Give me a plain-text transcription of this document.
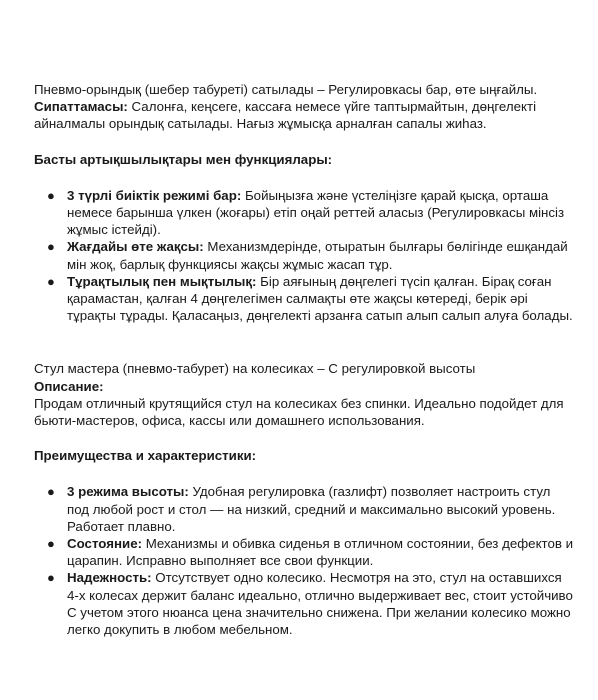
Пневмо-орындық (шебер табуреті) сатылады – Регулировкасы бар, өте ыңғайлы.

Сипаттамасы: Салонға, кеңсеге, кассаға немесе үйге таптырмайтын, дөңгелекті айналмалы орындық сатылады. Нағыз жұмысқа арналған сапалы жиһаз.

Басты артықшылықтары мен функциялары:

● 3 түрлі биіктік режимі бар: Бойыңызға және үстеліңізге қарай қысқа, орташа немесе барынша үлкен (жоғары) етіп оңай реттей аласыз (Регулировкасы мінсіз жұмыс істейді).
● Жағдайы өте жақсы: Механизмдерінде, отыратын былғары бөлігінде ешқандай мін жоқ, барлық функциясы жақсы жұмыс жасап тұр.
● Тұрақтылық пен мықтылық: Бір аяғының дөңгелегі түсіп қалған. Бірақ соған қарамастан, қалған 4 дөңгелегімен салмақты өте жақсы көтереді, берік әрі тұрақты тұрады. Қаласаңыз, дөңгелекті арзанға сатып алып салып алуға болады.

Стул мастера (пневмо-табурет) на колесиках – С регулировкой высоты

Описание:

Продам отличный крутящийся стул на колесиках без спинки. Идеально подойдет для бьюти-мастеров, офиса, кассы или домашнего использования.

Преимущества и характеристики:

● 3 режима высоты: Удобная регулировка (газлифт) позволяет настроить стул под любой рост и стол — на низкий, средний и максимально высокий уровень. Работает плавно.
● Состояние: Механизмы и обивка сиденья в отличном состоянии, без дефектов и царапин. Исправно выполняет все свои функции.
● Надежность: Отсутствует одно колесико. Несмотря на это, стул на оставшихся 4-х колесах держит баланс идеально, отлично выдерживает вес, стоит устойчиво С учетом этого нюанса цена значительно снижена. При желании колесико можно легко докупить в любом мебельном.
